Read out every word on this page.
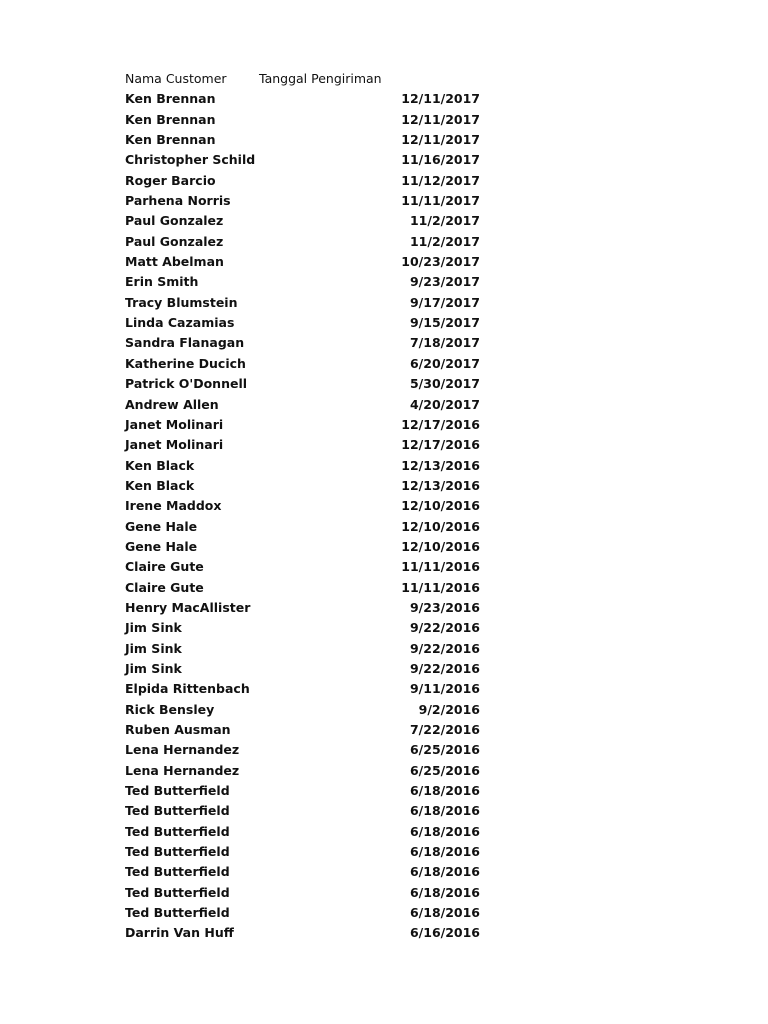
Nama Customer	Tanggal Pengiriman
Ken Brennan	12/11/2017
Ken Brennan	12/11/2017
Ken Brennan	12/11/2017
Christopher Schild	11/16/2017
Roger Barcio	11/12/2017
Parhena Norris	11/11/2017
Paul Gonzalez	11/2/2017
Paul Gonzalez	11/2/2017
Matt Abelman	10/23/2017
Erin Smith	9/23/2017
Tracy Blumstein	9/17/2017
Linda Cazamias	9/15/2017
Sandra Flanagan	7/18/2017
Katherine Ducich	6/20/2017
Patrick O'Donnell	5/30/2017
Andrew Allen	4/20/2017
Janet Molinari	12/17/2016
Janet Molinari	12/17/2016
Ken Black	12/13/2016
Ken Black	12/13/2016
Irene Maddox	12/10/2016
Gene Hale	12/10/2016
Gene Hale	12/10/2016
Claire Gute	11/11/2016
Claire Gute	11/11/2016
Henry MacAllister	9/23/2016
Jim Sink	9/22/2016
Jim Sink	9/22/2016
Jim Sink	9/22/2016
Elpida Rittenbach	9/11/2016
Rick Bensley	9/2/2016
Ruben Ausman	7/22/2016
Lena Hernandez	6/25/2016
Lena Hernandez	6/25/2016
Ted Butterfield	6/18/2016
Ted Butterfield	6/18/2016
Ted Butterfield	6/18/2016
Ted Butterfield	6/18/2016
Ted Butterfield	6/18/2016
Ted Butterfield	6/18/2016
Ted Butterfield	6/18/2016
Darrin Van Huff	6/16/2016
